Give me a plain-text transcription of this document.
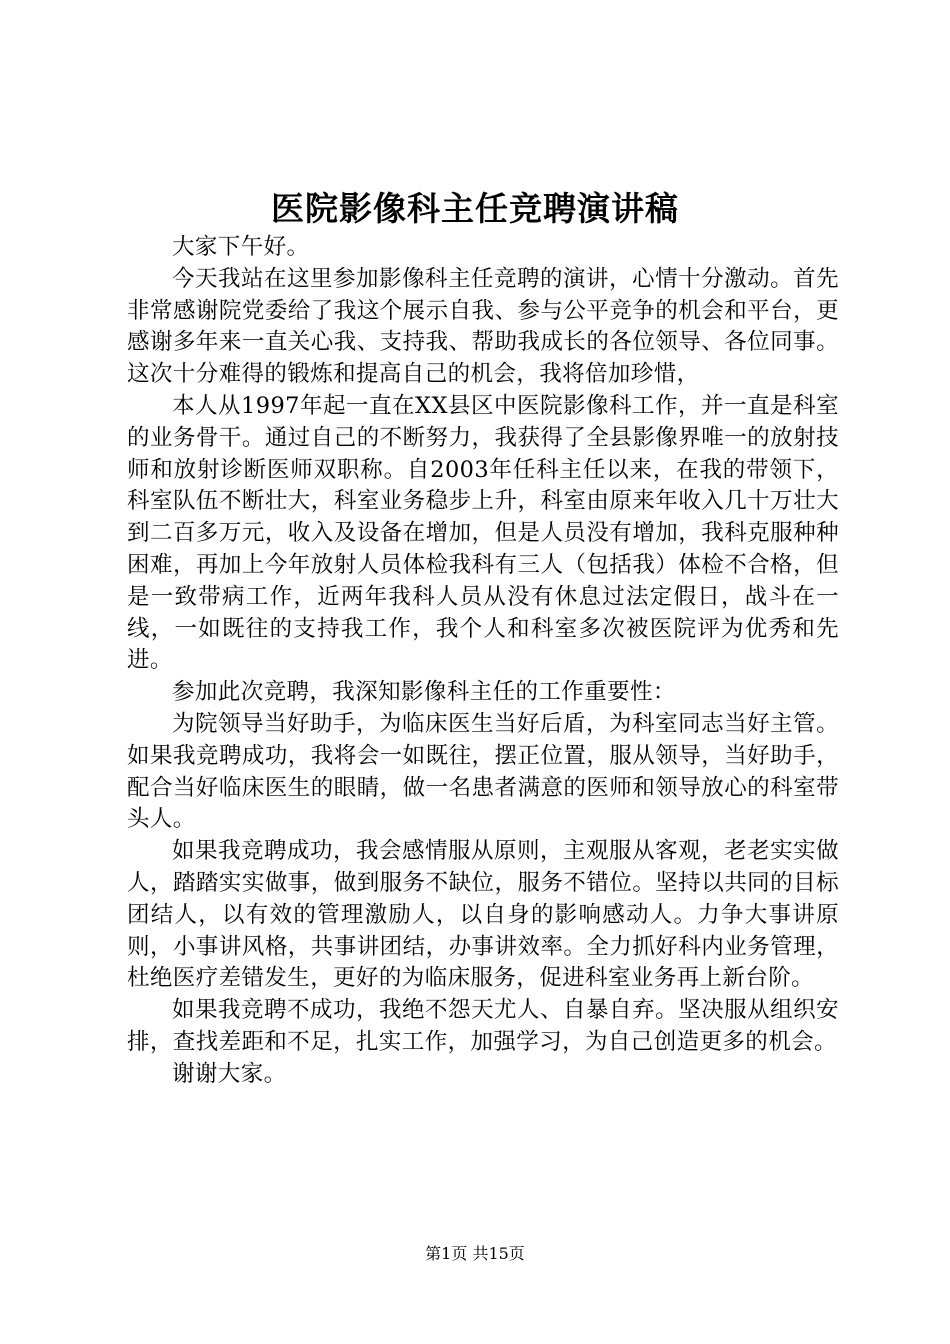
医院影像科主任竞聘演讲稿

大家下午好。

今天我站在这里参加影像科主任竞聘的演讲，心情十分激动。首先非常感谢院党委给了我这个展示自我、参与公平竞争的机会和平台，更感谢多年来一直关心我、支持我、帮助我成长的各位领导、各位同事。这次十分难得的锻炼和提高自己的机会，我将倍加珍惜，

本人从1997年起一直在XX县区中医院影像科工作，并一直是科室的业务骨干。通过自己的不断努力，我获得了全县影像界唯一的放射技师和放射诊断医师双职称。自2003年任科主任以来，在我的带领下，科室队伍不断壮大，科室业务稳步上升，科室由原来年收入几十万壮大到二百多万元，收入及设备在增加，但是人员没有增加，我科克服种种困难，再加上今年放射人员体检我科有三人（包括我）体检不合格，但是一致带病工作，近两年我科人员从没有休息过法定假日，战斗在一线，一如既往的支持我工作，我个人和科室多次被医院评为优秀和先进。

参加此次竞聘，我深知影像科主任的工作重要性：

为院领导当好助手，为临床医生当好后盾，为科室同志当好主管。如果我竞聘成功，我将会一如既往，摆正位置，服从领导，当好助手，配合当好临床医生的眼睛，做一名患者满意的医师和领导放心的科室带头人。

如果我竞聘成功，我会感情服从原则，主观服从客观，老老实实做人，踏踏实实做事，做到服务不缺位，服务不错位。坚持以共同的目标团结人，以有效的管理激励人，以自身的影响感动人。力争大事讲原则，小事讲风格，共事讲团结，办事讲效率。全力抓好科内业务管理，杜绝医疗差错发生，更好的为临床服务，促进科室业务再上新台阶。

如果我竞聘不成功，我绝不怨天尤人、自暴自弃。坚决服从组织安排，查找差距和不足，扎实工作，加强学习，为自己创造更多的机会。

谢谢大家。

第1页 共15页
